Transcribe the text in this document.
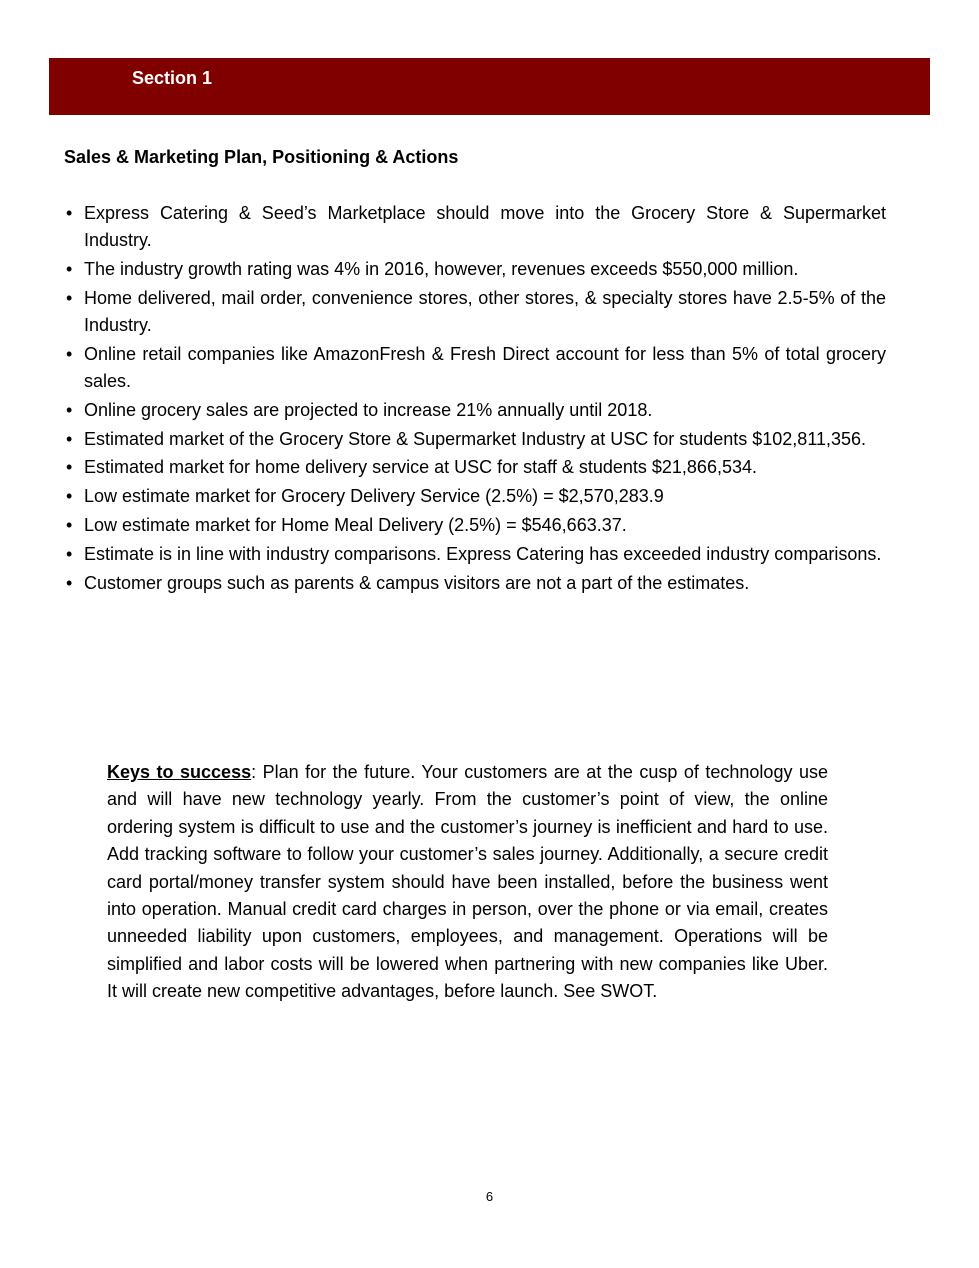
Section 1
Sales & Marketing Plan, Positioning & Actions
• Express Catering & Seed’s Marketplace should move into the Grocery Store & Supermarket Industry.
• The industry growth rating was 4% in 2016, however, revenues exceeds $550,000 million.
• Home delivered, mail order, convenience stores, other stores, & specialty stores have 2.5-5% of the Industry.
• Online retail companies like AmazonFresh & Fresh Direct account for less than 5% of total grocery sales.
• Online grocery sales are projected to increase 21% annually until 2018.
• Estimated market of the Grocery Store & Supermarket Industry at USC for students $102,811,356.
• Estimated market for home delivery service at USC for staff & students $21,866,534.
• Low estimate market for Grocery Delivery Service (2.5%) = $2,570,283.9
• Low estimate market for Home Meal Delivery (2.5%) = $546,663.37.
• Estimate is in line with industry comparisons. Express Catering has exceeded industry comparisons.
• Customer groups such as parents & campus visitors are not a part of the estimates.

Keys to success: Plan for the future. Your customers are at the cusp of technology use and will have new technology yearly. From the customer’s point of view, the online ordering system is difficult to use and the customer’s journey is inefficient and hard to use. Add tracking software to follow your customer’s sales journey. Additionally, a secure credit card portal/money transfer system should have been installed, before the business went into operation. Manual credit card charges in person, over the phone or via email, creates unneeded liability upon customers, employees, and management. Operations will be simplified and labor costs will be lowered when partnering with new companies like Uber. It will create new competitive advantages, before launch. See SWOT.

6
